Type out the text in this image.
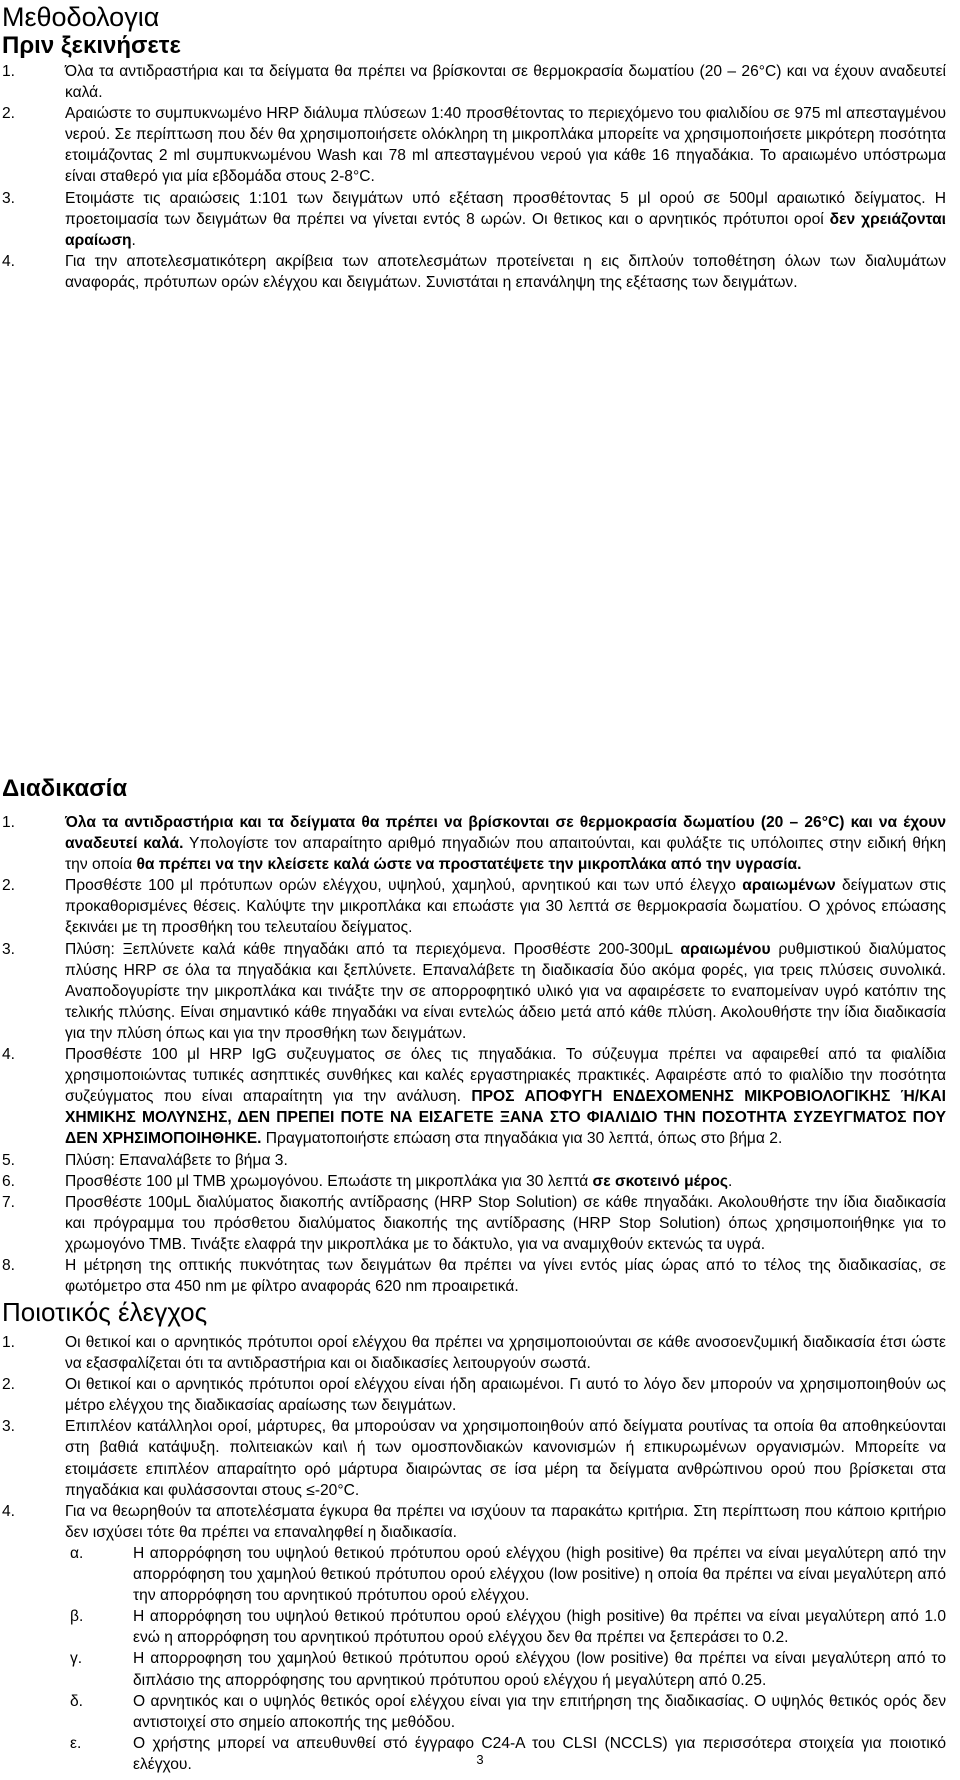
Μεθοδολογια
Πριν ξεκινήσετε
1.	Όλα τα αντιδραστήρια και τα δείγματα θα πρέπει να βρίσκονται σε θερμοκρασία δωματίου (20 – 26°C) και να έχουν αναδευτεί καλά.
2.	Αραιώστε το συμπυκνωμένο HRP διάλυμα πλύσεων 1:40 προσθέτοντας το περιεχόμενο του φιαλιδίου σε 975 ml απεσταγμένου νερού. Σε περίπτωση που δέν θα χρησιμοποιήσετε ολόκληρη τη μικροπλάκα μπορείτε να χρησιμοποιήσετε μικρότερη ποσότητα ετοιμάζοντας 2 ml συμπυκνωμένου Wash και 78 ml απεσταγμένου νερού για κάθε 16 πηγαδάκια. Το αραιωμένο υπόστρωμα είναι σταθερό για μία εβδομάδα στους 2-8°C.
3.	Ετοιμάστε τις αραιώσεις 1:101 των δειγμάτων υπό εξέταση προσθέτοντας 5 μl ορού σε 500μl αραιωτικό δείγματος. Η προετοιμασία των δειγμάτων θα πρέπει να γίνεται εντός 8 ωρών. Οι θετικος και ο αρνητικός πρότυποι οροί δεν χρειάζονται αραίωση.
4.	Για την αποτελεσματικότερη ακρίβεια των αποτελεσμάτων προτείνεται η εις διπλούν τοποθέτηση όλων των διαλυμάτων αναφοράς, πρότυπων ορών ελέγχου και δειγμάτων. Συνιστάται η επανάληψη της εξέτασης των δειγμάτων.
Διαδικασία
1.	Όλα τα αντιδραστήρια και τα δείγματα θα πρέπει να βρίσκονται σε θερμοκρασία δωματίου (20 – 26°C) και να έχουν αναδευτεί καλά. Υπολογίστε τον απαραίτητο αριθμό πηγαδιών που απαιτούνται, και φυλάξτε τις υπόλοιπες στην ειδική θήκη την οποία θα πρέπει να την κλείσετε καλά ώστε να προστατέψετε την μικροπλάκα από την υγρασία.
2.	Προσθέστε 100 μl πρότυπων ορών ελέγχου, υψηλού, χαμηλού, αρνητικού και των υπό έλεγχο αραιωμένων δείγματων στις προκαθορισμένες θέσεις. Καλύψτε την μικροπλάκα και επωάστε για 30 λεπτά σε θερμοκρασία δωματίου. Ο χρόνος επώασης ξεκινάει με τη προσθήκη του τελευταίου δείγματος.
3.	Πλύση: Ξεπλύνετε καλά κάθε πηγαδάκι από τα περιεχόμενα. Προσθέστε 200-300μL αραιωμένου ρυθμιστικού διαλύματος πλύσης HRP σε όλα τα πηγαδάκια και ξεπλύνετε. Επαναλάβετε τη διαδικασία δύο ακόμα φορές, για τρεις πλύσεις συνολικά. Αναποδογυρίστε την μικροπλάκα και τινάξτε την σε απορροφητικό υλικό για να αφαιρέσετε το εναπομείναν υγρό κατόπιν της τελικής πλύσης. Είναι σημαντικό κάθε πηγαδάκι να είναι εντελώς άδειο μετά από κάθε πλύση. Ακολουθήστε την ίδια διαδικασία για την πλύση όπως και για την προσθήκη των δειγμάτων.
4.	Προσθέστε 100 μl HRP IgG συζευγματος σε όλες τις πηγαδάκια. Το σύζευγμα πρέπει να αφαιρεθεί από τα φιαλίδια χρησιμοποιώντας τυπικές ασηπτικές συνθήκες και καλές εργαστηριακές πρακτικές. Αφαιρέστε από το φιαλίδιο την ποσότητα συζεύγματος που είναι απαραίτητη για την ανάλυση. ΠΡΟΣ ΑΠΟΦΥΓΗ ΕΝΔΕΧΟΜΕΝΗΣ ΜΙΚΡΟΒΙΟΛΟΓΙΚΗΣ Ή/ΚΑΙ ΧΗΜΙΚΗΣ ΜΟΛΥΝΣΗΣ, ΔΕΝ ΠΡΕΠΕΙ ΠΟΤΕ ΝΑ ΕΙΣΑΓΕΤΕ ΞΑΝΑ ΣΤΟ ΦΙΑΛΙΔΙΟ ΤΗΝ ΠΟΣΟΤΗΤΑ ΣΥΖΕΥΓΜΑΤΟΣ ΠΟΥ ΔΕΝ ΧΡΗΣΙΜΟΠΟΙΗΘΗΚΕ. Πραγματοποιήστε επώαση στα πηγαδάκια για 30 λεπτά, όπως στο βήμα 2.
5.	Πλύση: Επαναλάβετε το βήμα 3.
6.	Προσθέστε 100 μl TMB χρωμογόνου. Επωάστε τη μικροπλάκα για 30 λεπτά σε σκοτεινό μέρος.
7.	Προσθέστε 100μL διαλύματος διακοπής αντίδρασης (HRP Stop Solution) σε κάθε πηγαδάκι. Ακολουθήστε την ίδια διαδικασία και πρόγραμμα του πρόσθετου διαλύματος διακοπής της αντίδρασης (HRP Stop Solution) όπως χρησιμοποιήθηκε για το χρωμογόνο TMB. Τινάξτε ελαφρά την μικροπλάκα με το δάκτυλο, για να αναμιχθούν εκτενώς τα υγρά.
8.	Η μέτρηση της οπτικής πυκνότητας των δειγμάτων θα πρέπει να γίνει εντός μίας ώρας από το τέλος της διαδικασίας, σε φωτόμετρο στα 450 nm με φίλτρο αναφοράς 620 nm προαιρετικά.
Ποιοτικός έλεγχος
1.	Οι θετικοί και ο αρνητικός πρότυποι οροί ελέγχου θα πρέπει να χρησιμοποιούνται σε κάθε ανοσοενζυμική διαδικασία έτσι ώστε να εξασφαλίζεται ότι τα αντιδραστήρια και οι διαδικασίες λειτουργούν σωστά.
2.	Οι θετικοί και ο αρνητικός πρότυποι οροί ελέγχου είναι ήδη αραιωμένοι. Γι αυτό το λόγο δεν μπορούν να χρησιμοποιηθούν ως μέτρο ελέγχου της διαδικασίας αραίωσης των δειγμάτων.
3.	Επιπλέον κατάλληλοι οροί, μάρτυρες, θα μπορούσαν να χρησιμοποιηθούν από δείγματα ρουτίνας τα οποία θα αποθηκεύονται στη βαθιά κατάψυξη. πολιτειακών και\ ή των ομοσπονδιακών κανονισμών ή επικυρωμένων οργανισμών. Μπορείτε να ετοιμάσετε επιπλέον απαραίτητο ορό μάρτυρα διαιρώντας σε ίσα μέρη τα δείγματα ανθρώπινου ορού που βρίσκεται στα πηγαδάκια και φυλάσσονται στους ≤-20°C.
4.	Για να θεωρηθούν τα αποτελέσματα έγκυρα θα πρέπει να ισχύουν τα παρακάτω κριτήρια. Στη περίπτωση που κάποιο κριτήριο δεν ισχύσει τότε θα πρέπει να επαναληφθεί η διαδικασία.
α.	Η απορρόφηση του υψηλού θετικού πρότυπου ορού ελέγχου (high positive) θα πρέπει να είναι μεγαλύτερη από την απορρόφηση του χαμηλού θετικού πρότυπου ορού ελέγχου (low positive) η οποία θα πρέπει να είναι μεγαλύτερη από την απορρόφηση του αρνητικού πρότυπου ορού ελέγχου.
β.	Η απορρόφηση του υψηλού θετικού πρότυπου ορού ελέγχου (high positive) θα πρέπει να είναι μεγαλύτερη από 1.0 ενώ η απορρόφηση του αρνητικού πρότυπου ορού ελέγχου δεν θα πρέπει να ξεπεράσει το 0.2.
γ.	Η απορροφηση του χαμηλού θετικού πρότυπου ορού ελέγχου (low positive) θα πρέπει να είναι μεγαλύτερη από το διπλάσιο της απορρόφησης του αρνητικού πρότυπου ορού ελέγχου ή μεγαλύτερη από 0.25.
δ.	Ο αρνητικός και ο υψηλός θετικός οροί ελέγχου είναι για την επιτήρηση της διαδικασίας. Ο υψηλός θετικός ορός δεν αντιστοιχεί στο σημείο αποκοπής της μεθόδου.
ε.	Ο χρήστης μπορεί να απευθυνθεί στό έγγραφο C24-A του CLSI (NCCLS) για περισσότερα στοιχεία για ποιοτικό ελέγχου.	3
